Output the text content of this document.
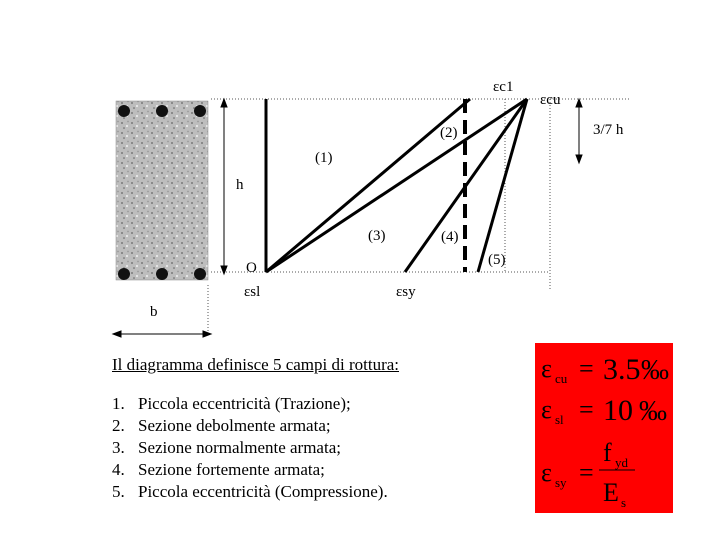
εc1
εcu
3/7 h
(2)
(1)
h
(3)	(4)
(5)
O
εsl	εsy
b
Il diagramma definisce 5 campi di rottura:
1. Piccola eccentricità (Trazione);
2. Sezione debolmente armata;
3. Sezione normalmente armata;
4. Sezione fortemente armata;
5. Piccola eccentricità (Compressione).
ε cu = 3.5 ‰
ε sl = 10 ‰
ε sy =
f yd
E s
